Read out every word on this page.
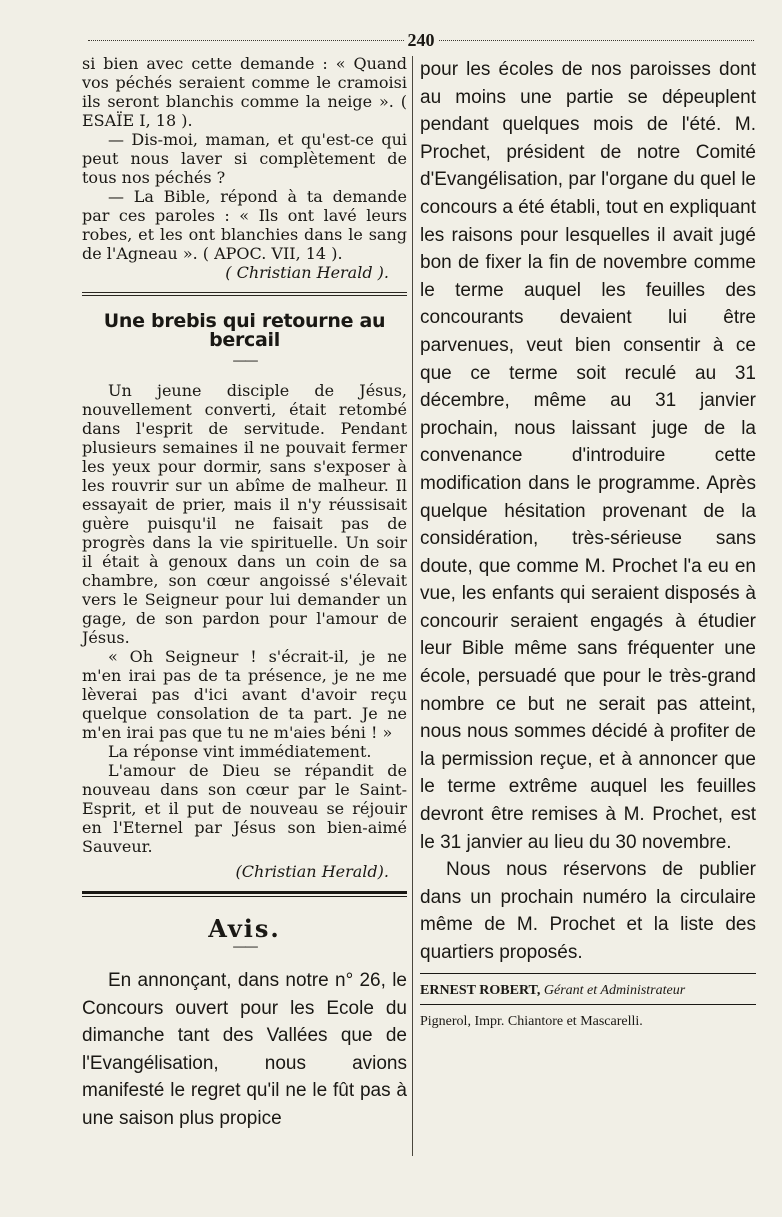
240

si bien avec cette demande : « Quand vos péchés seraient comme le cramoisi ils seront blanchis comme la neige ». ( ESAÏE I, 18 ).

— Dis-moi, maman, et qu'est-ce qui peut nous laver si complètement de tous nos péchés ?

— La Bible, répond à ta demande par ces paroles : « Ils ont lavé leurs robes, et les ont blanchies dans le sang de l'Agneau ». ( APOC. VII, 14 ).

( Christian Herald ).

Une brebis qui retourne au bercail
——

Un jeune disciple de Jésus, nouvellement converti, était retombé dans l'esprit de servitude. Pendant plusieurs semaines il ne pouvait fermer les yeux pour dormir, sans s'exposer à les rouvrir sur un abîme de malheur. Il essayait de prier, mais il n'y réussisait guère puisqu'il ne faisait pas de progrès dans la vie spirituelle. Un soir il était à genoux dans un coin de sa chambre, son cœur angoissé s'élevait vers le Seigneur pour lui demander un gage, de son pardon pour l'amour de Jésus.

« Oh Seigneur ! s'écrait-il, je ne m'en irai pas de ta présence, je ne me lèverai pas d'ici avant d'avoir reçu quelque consolation de ta part. Je ne m'en irai pas que tu ne m'aies béni ! »

La réponse vint immédiatement.

L'amour de Dieu se répandit de nouveau dans son cœur par le Saint-Esprit, et il put de nouveau se réjouir en l'Eternel par Jésus son bien-aimé Sauveur.

(Christian Herald).

Avis.
——

En annonçant, dans notre n° 26, le Concours ouvert pour les Ecole du dimanche tant des Vallées que de l'Evangélisation, nous avions manifesté le regret qu'il ne le fût pas à une saison plus propice

pour les écoles de nos paroisses dont au moins une partie se dépeuplent pendant quelques mois de l'été. M. Prochet, président de notre Comité d'Evangélisation, par l'organe du quel le concours a été établi, tout en expliquant les raisons pour lesquelles il avait jugé bon de fixer la fin de novembre comme le terme auquel les feuilles des concourants devaient lui être parvenues, veut bien consentir à ce que ce terme soit reculé au 31 décembre, même au 31 janvier prochain, nous laissant juge de la convenance d'introduire cette modification dans le programme. Après quelque hésitation provenant de la considération, très-sérieuse sans doute, que comme M. Prochet l'a eu en vue, les enfants qui seraient disposés à concourir seraient engagés à étudier leur Bible même sans fréquenter une école, persuadé que pour le très-grand nombre ce but ne serait pas atteint, nous nous sommes décidé à profiter de la permission reçue, et à annoncer que le terme extrême auquel les feuilles devront être remises à M. Prochet, est le 31 janvier au lieu du 30 novembre.

Nous nous réservons de publier dans un prochain numéro la circulaire même de M. Prochet et la liste des quartiers proposés.

ERNEST ROBERT, Gérant et Administrateur
Pignerol, Impr. Chiantore et Mascarelli.
